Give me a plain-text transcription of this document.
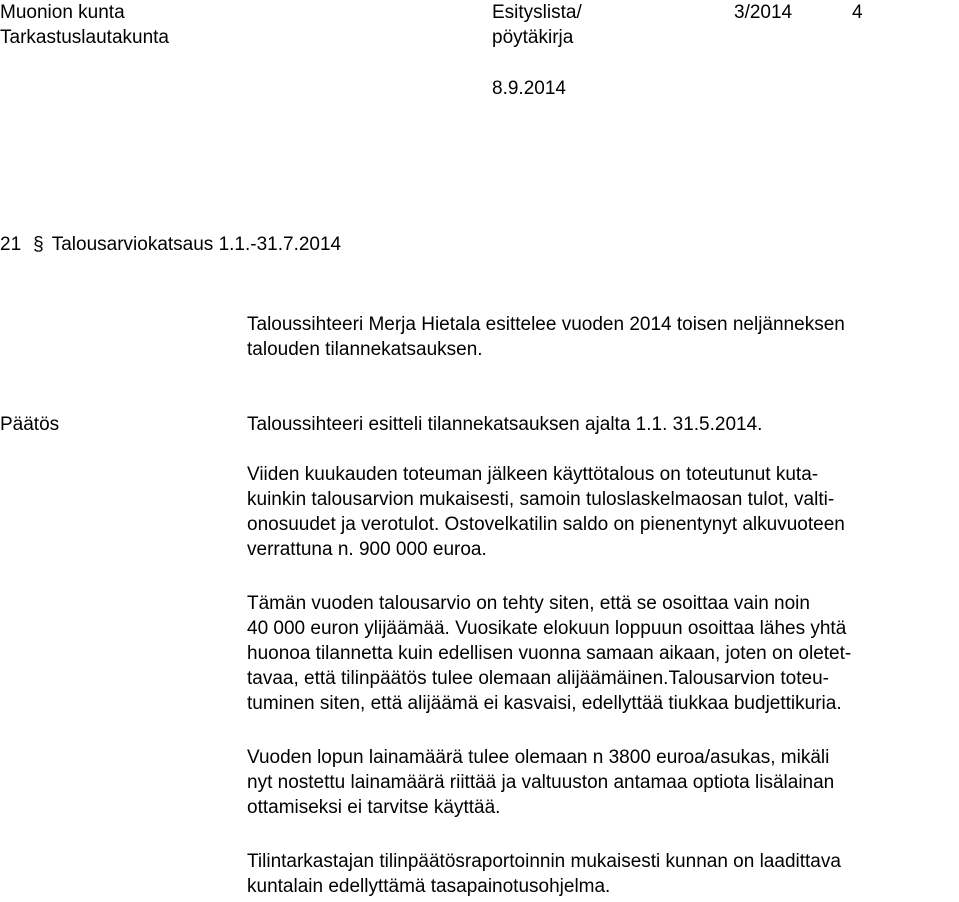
Muonion kunta
Tarkastuslautakunta
Esityslista/
pöytäkirja
3/2014	4
8.9.2014
21 § Talousarviokatsaus 1.1.-31.7.2014

Taloussihteeri Merja Hietala esittelee vuoden 2014 toisen neljänneksen

talouden tilannekatsauksen.

Päätös	Taloussihteeri esitteli tilannekatsauksen ajalta 1.1. 31.5.2014.

Viiden kuukauden toteuman jälkeen käyttötalous on toteutunut kuta-

kuinkin talousarvion mukaisesti, samoin tuloslaskelmaosan tulot, valti-

onosuudet ja verotulot. Ostovelkatilin saldo on pienentynyt alkuvuoteen

verrattuna n. 900 000 euroa.

Tämän vuoden talousarvio on tehty siten, että se osoittaa vain noin

40 000 euron ylijäämää. Vuosikate elokuun loppuun osoittaa lähes yhtä

huonoa tilannetta kuin edellisen vuonna samaan aikaan, joten on oletet-

tavaa, että tilinpäätös tulee olemaan alijäämäinen.Talousarvion toteu-

tuminen siten, että alijäämä ei kasvaisi, edellyttää tiukkaa budjettikuria.

Vuoden lopun lainamäärä tulee olemaan n 3800 euroa/asukas, mikäli

nyt nostettu lainamäärä riittää ja valtuuston antamaa optiota lisälainan

ottamiseksi ei tarvitse käyttää.

Tilintarkastajan tilinpäätösraportoinnin mukaisesti kunnan on laadittava

kuntalain edellyttämä tasapainotusohjelma.
